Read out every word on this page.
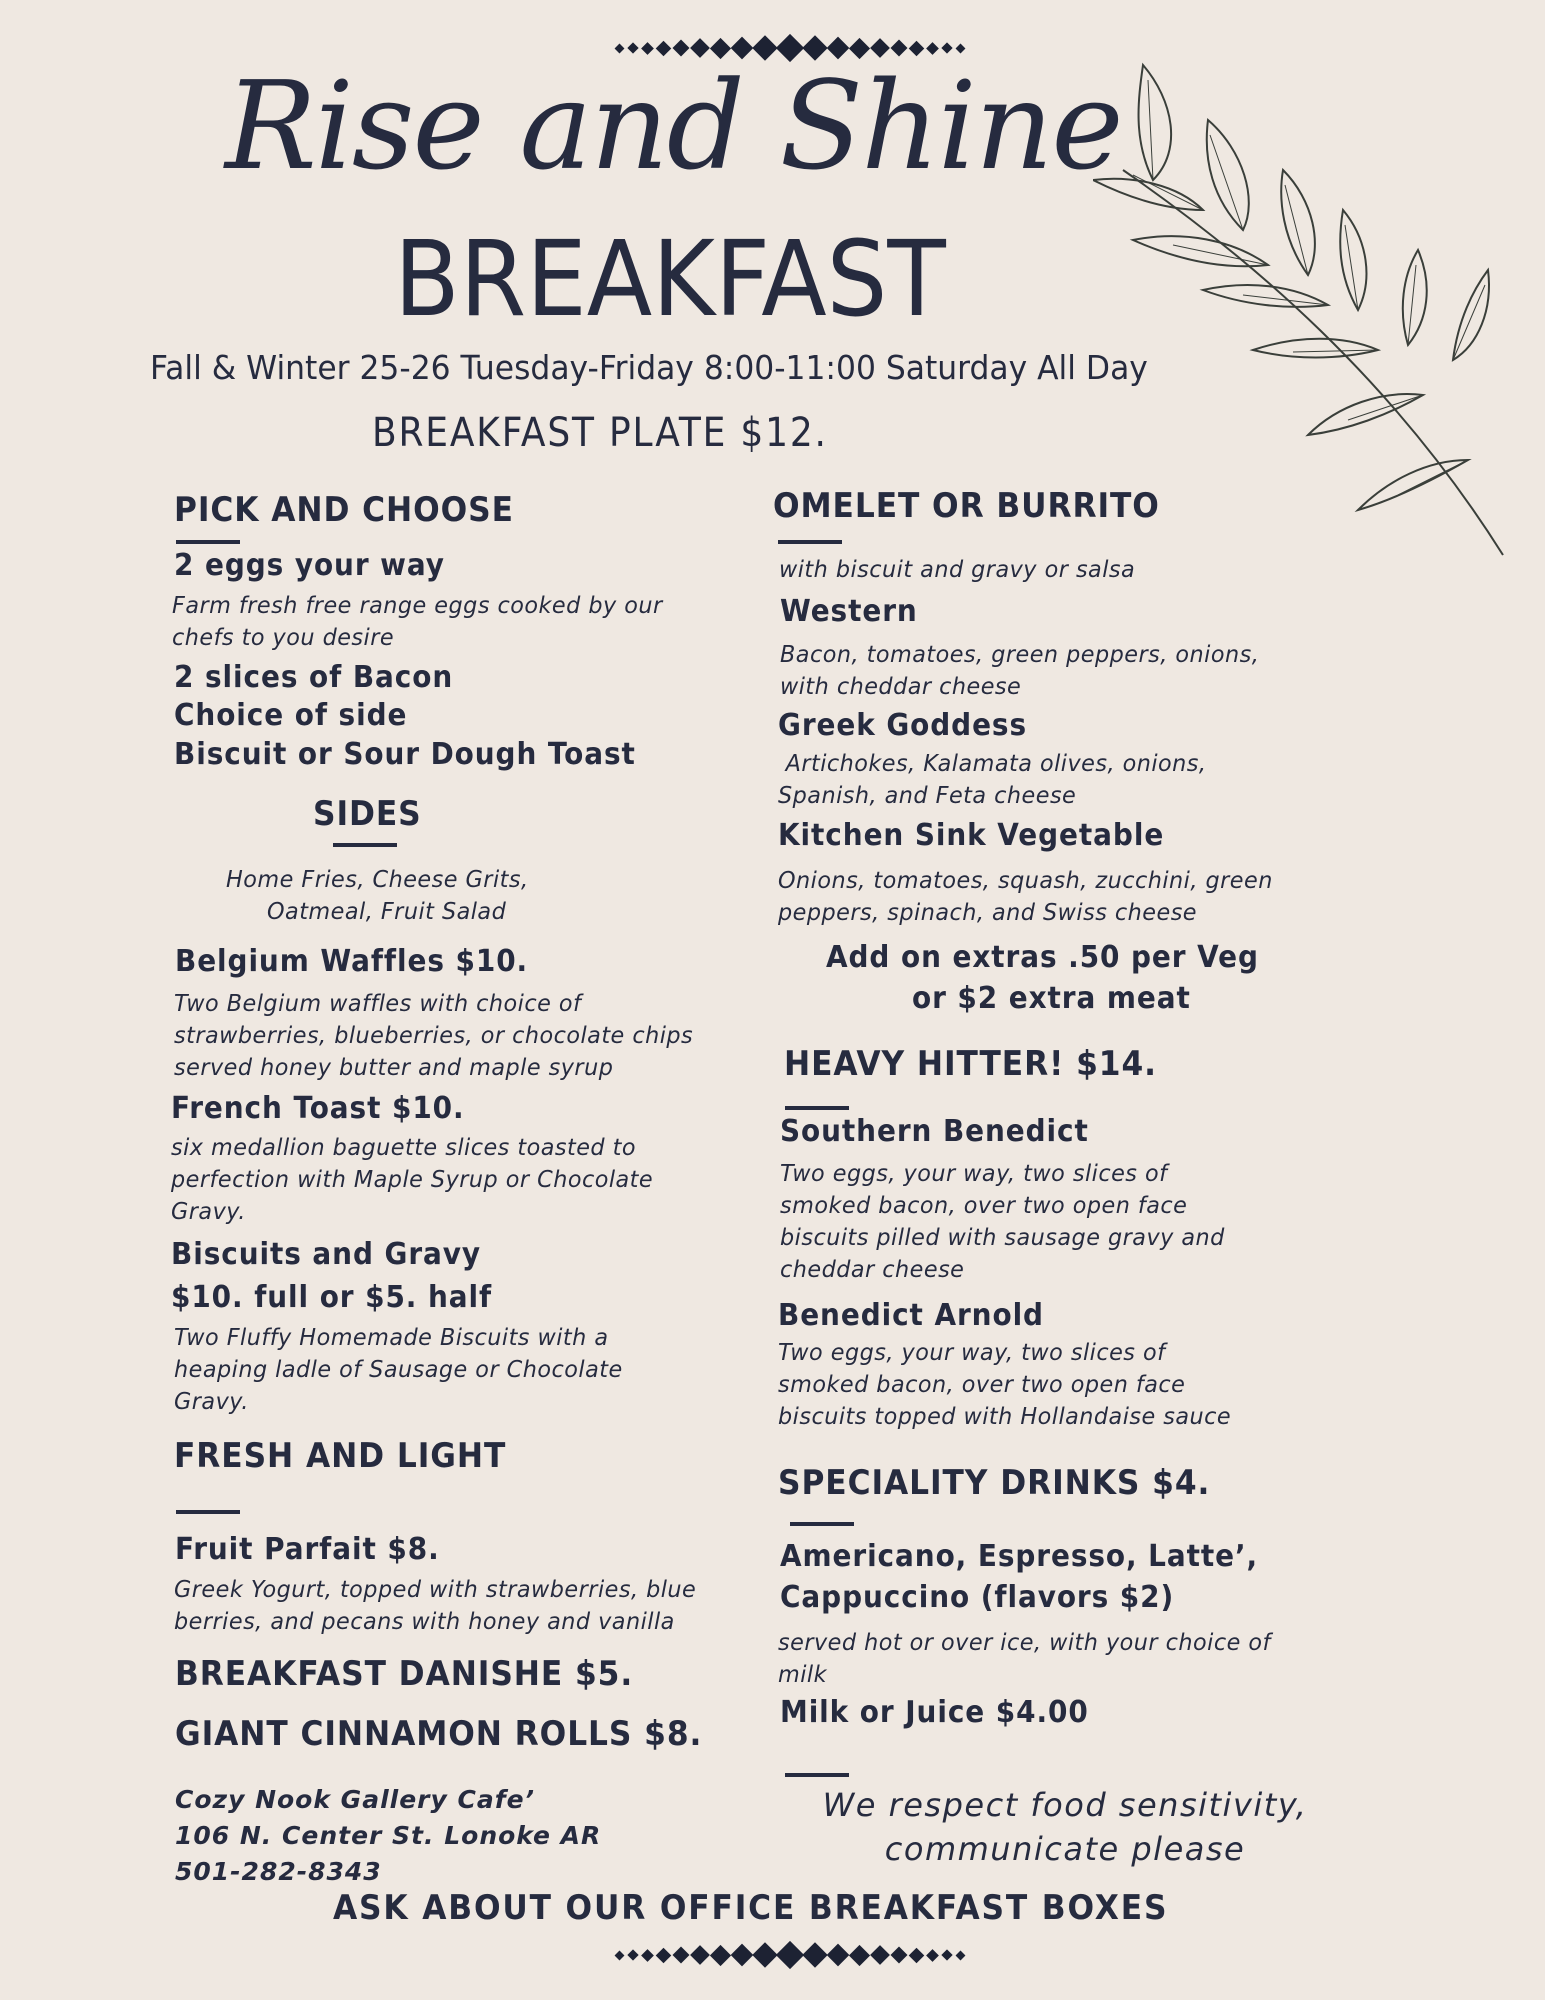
Rise and Shine
BREAKFAST
Fall & Winter 25-26 Tuesday-Friday 8:00-11:00 Saturday All Day
BREAKFAST PLATE $12.
PICK AND CHOOSE
2 eggs your way
Farm fresh free range eggs cooked by our
chefs to you desire
2 slices of Bacon
Choice of side
Biscuit or Sour Dough Toast
SIDES
Home Fries, Cheese Grits,
Oatmeal, Fruit Salad
Belgium Waffles $10.
Two Belgium waffles with choice of
strawberries, blueberries, or chocolate chips
served honey butter and maple syrup
French Toast $10.
six medallion baguette slices toasted to
perfection with Maple Syrup or Chocolate
Gravy.
Biscuits and Gravy
$10. full or $5. half
Two Fluffy Homemade Biscuits with a
heaping ladle of Sausage or Chocolate
Gravy.
FRESH AND LIGHT
Fruit Parfait $8.
Greek Yogurt, topped with strawberries, blue
berries, and pecans with honey and vanilla
BREAKFAST DANISHE $5.
GIANT CINNAMON ROLLS $8.
Cozy Nook Gallery Cafe’
106 N. Center St. Lonoke AR
501-282-8343
OMELET OR BURRITO
with biscuit and gravy or salsa
Western
Bacon, tomatoes, green peppers, onions,
with cheddar cheese
Greek Goddess
Artichokes, Kalamata olives, onions,
Spanish, and Feta cheese
Kitchen Sink Vegetable
Onions, tomatoes, squash, zucchini, green
peppers, spinach, and Swiss cheese
Add on extras .50 per Veg
or $2 extra meat
HEAVY HITTER! $14.
Southern Benedict
Two eggs, your way, two slices of
smoked bacon, over two open face
biscuits pilled with sausage gravy and
cheddar cheese
Benedict Arnold
Two eggs, your way, two slices of
smoked bacon, over two open face
biscuits topped with Hollandaise sauce
SPECIALITY DRINKS $4.
Americano, Espresso, Latte’,
Cappuccino (flavors $2)
served hot or over ice, with your choice of
milk
Milk or Juice $4.00
We respect food sensitivity,
communicate please
ASK ABOUT OUR OFFICE BREAKFAST BOXES
